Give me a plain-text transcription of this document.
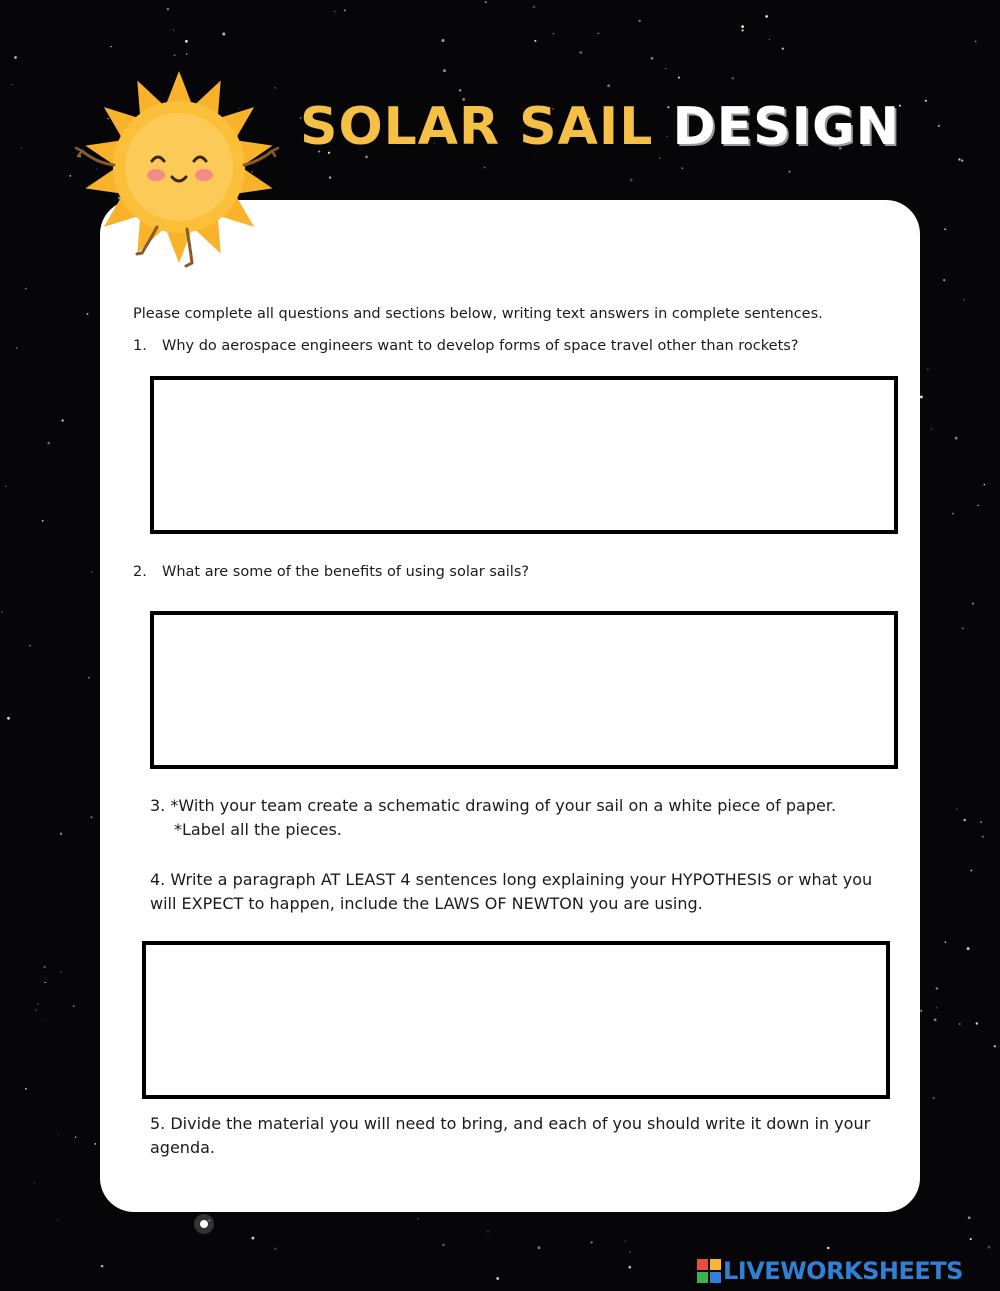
SOLAR SAIL DESIGN
Please complete all questions and sections below, writing text answers in complete sentences.
1. Why do aerospace engineers want to develop forms of space travel other than rockets?
2. What are some of the benefits of using solar sails?
3. *With your team create a schematic drawing of your sail on a white piece of paper.
*Label all the pieces.
4. Write a paragraph AT LEAST 4 sentences long explaining your HYPOTHESIS or what you will EXPECT to happen, include the LAWS OF NEWTON you are using.
5. Divide the material you will need to bring, and each of you should write it down in your agenda.
LIVEWORKSHEETS
